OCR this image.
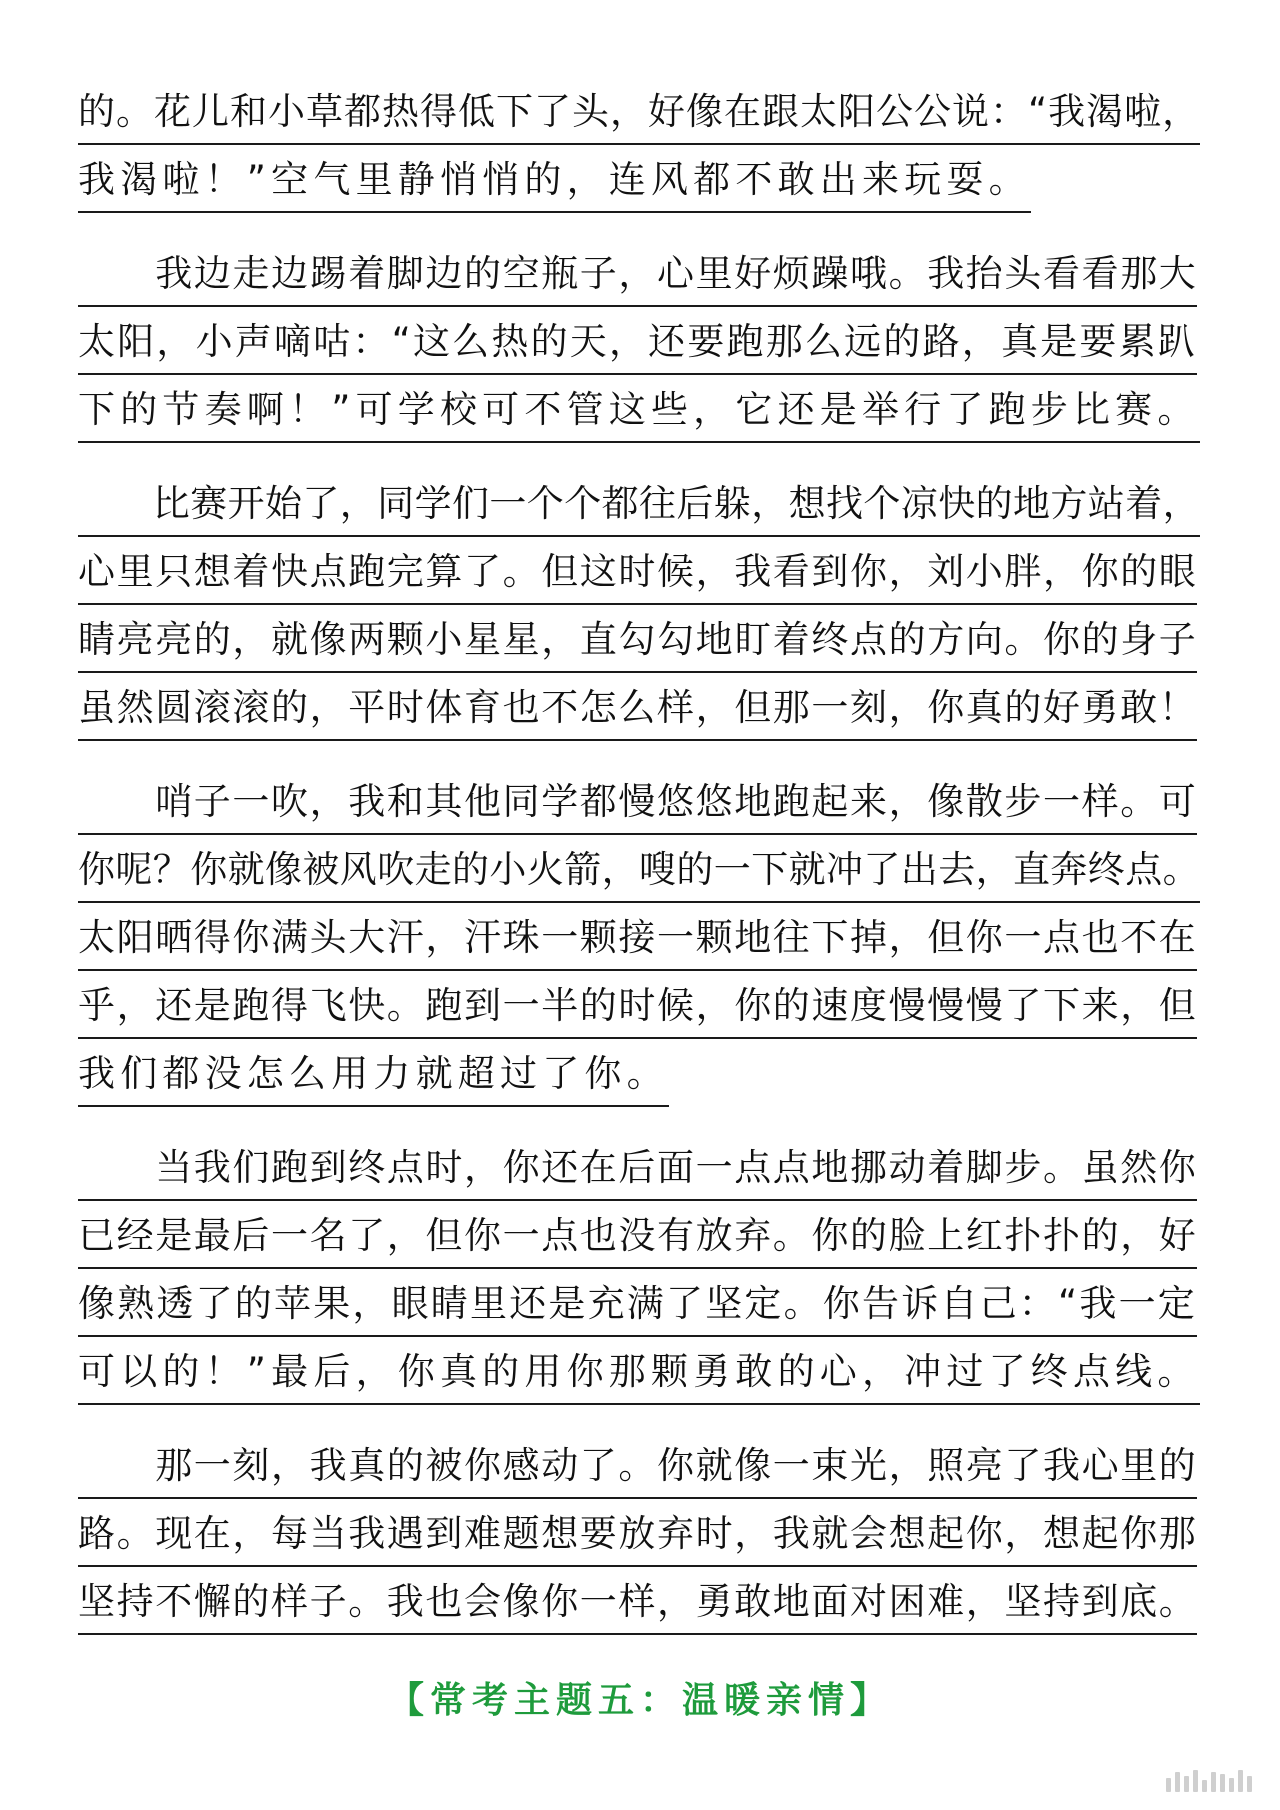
的。花儿和小草都热得低下了头，好像在跟太阳公公说：“我渴啦，
我渴啦！”空气里静悄悄的，连风都不敢出来玩耍。
　　我边走边踢着脚边的空瓶子，心里好烦躁哦。我抬头看看那大
太阳，小声嘀咕：“这么热的天，还要跑那么远的路，真是要累趴
下的节奏啊！”可学校可不管这些，它还是举行了跑步比赛。
　　比赛开始了，同学们一个个都往后躲，想找个凉快的地方站着，
心里只想着快点跑完算了。但这时候，我看到你，刘小胖，你的眼
睛亮亮的，就像两颗小星星，直勾勾地盯着终点的方向。你的身子
虽然圆滚滚的，平时体育也不怎么样，但那一刻，你真的好勇敢！
　　哨子一吹，我和其他同学都慢悠悠地跑起来，像散步一样。可
你呢？你就像被风吹走的小火箭，嗖的一下就冲了出去，直奔终点。
太阳晒得你满头大汗，汗珠一颗接一颗地往下掉，但你一点也不在
乎，还是跑得飞快。跑到一半的时候，你的速度慢慢慢了下来，但
我们都没怎么用力就超过了你。
　　当我们跑到终点时，你还在后面一点点地挪动着脚步。虽然你
已经是最后一名了，但你一点也没有放弃。你的脸上红扑扑的，好
像熟透了的苹果，眼睛里还是充满了坚定。你告诉自己：“我一定
可以的！”最后，你真的用你那颗勇敢的心，冲过了终点线。
　　那一刻，我真的被你感动了。你就像一束光，照亮了我心里的
路。现在，每当我遇到难题想要放弃时，我就会想起你，想起你那
坚持不懈的样子。我也会像你一样，勇敢地面对困难，坚持到底。
【常考主题五：温暖亲情】
